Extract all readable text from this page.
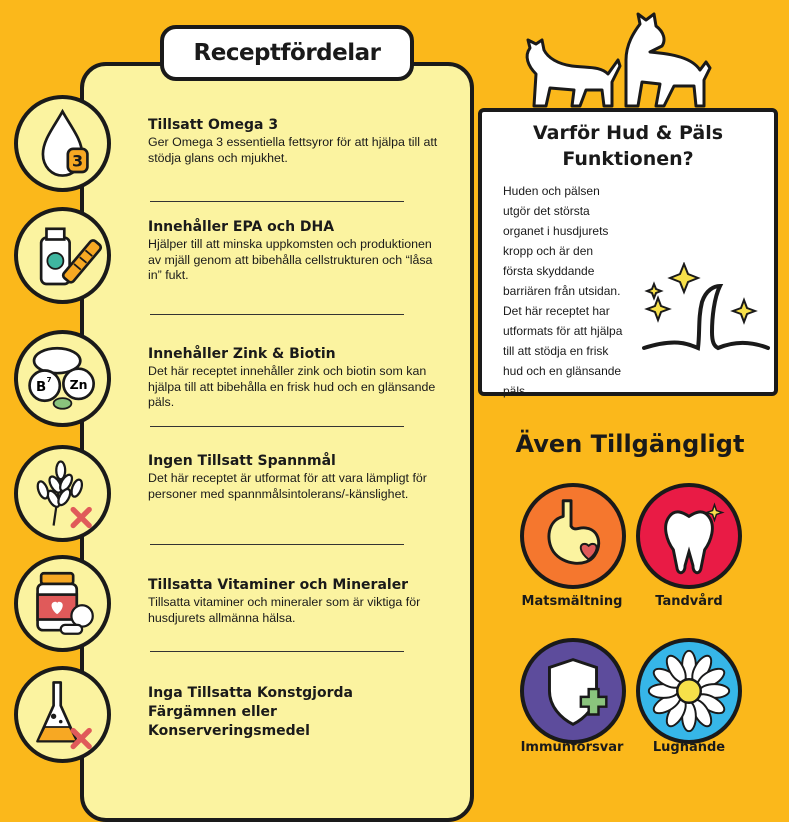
Receptfördelar
3
B
7 Zn
Tillsatt Omega 3
Ger Omega 3 essentiella fettsyror för att hjälpa till att stödja glans och mjukhet.
Innehåller EPA och DHA
Hjälper till att minska uppkomsten och produktionen av mjäll genom att bibehålla cellstrukturen och “låsa in” fukt.
Innehåller Zink & Biotin
Det här receptet innehåller zink och biotin som kan hjälpa till att bibehålla en frisk hud och en glänsande päls.
Ingen Tillsatt Spannmål
Det här receptet är utformat för att vara lämpligt för personer med spannmålsintolerans/-känslighet.
Tillsatta Vitaminer och Mineraler
Tillsatta vitaminer och mineraler som är viktiga för husdjurets allmänna hälsa.
Inga Tillsatta Konstgjorda Färgämnen eller Konserveringsmedel
Varför Hud & Päls Funktionen?
Huden och pälsen utgör det största organet i husdjurets kropp och är den första skyddande barriären från utsidan. Det här receptet har utformats för att hjälpa till att stödja en frisk hud och en glänsande päls.
Även Tillgängligt
Matsmältning	Tandvård
Immunförsvar	Lugnande
